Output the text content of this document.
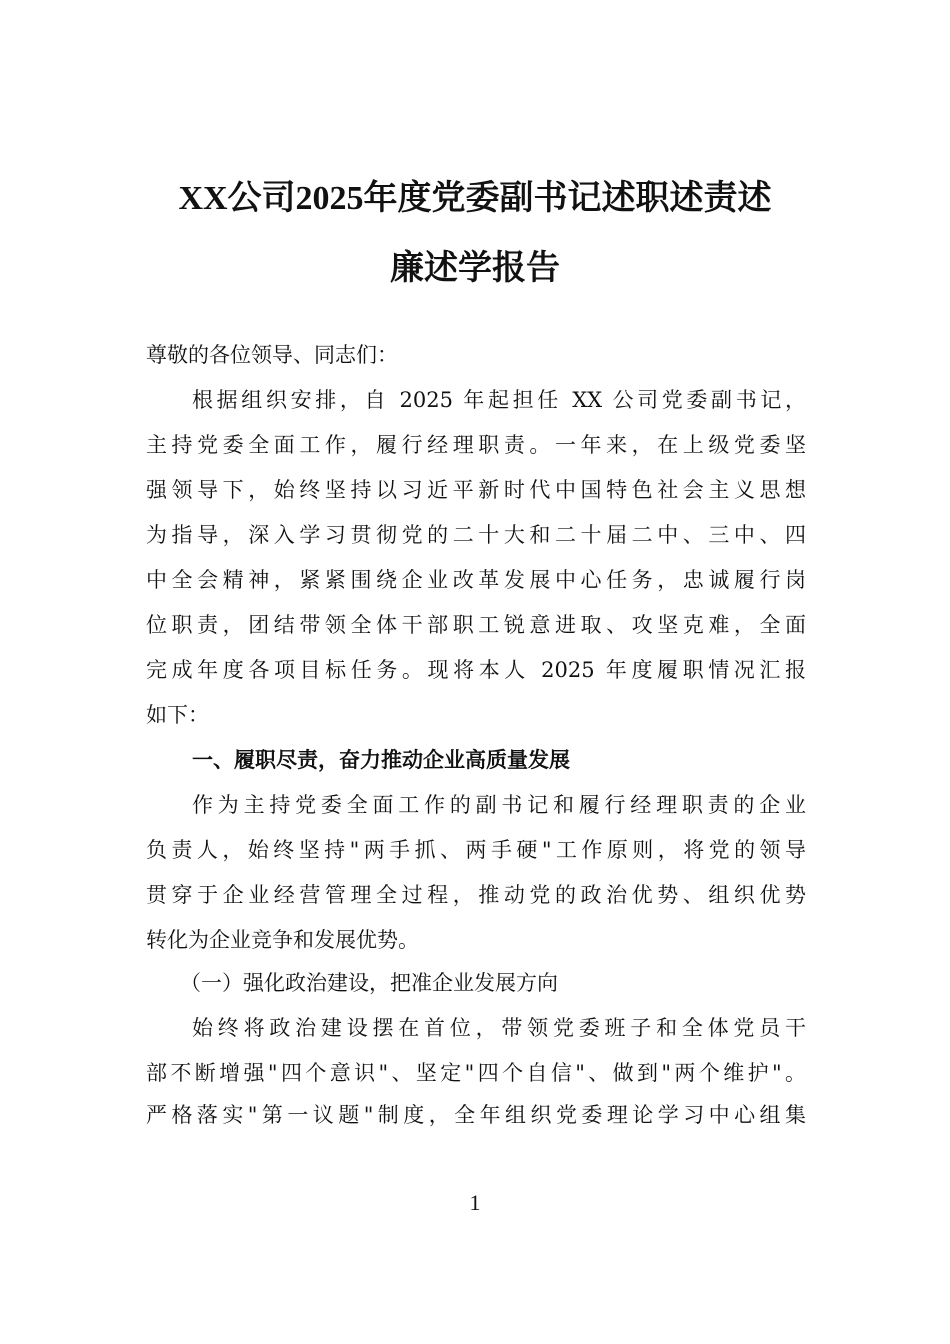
XX公司2025年度党委副书记述职述责述
廉述学报告
尊敬的各位领导、同志们：
根据组织安排，自 2025 年起担任 XX 公司党委副书记，
主持党委全面工作，履行经理职责。一年来，在上级党委坚
强领导下，始终坚持以习近平新时代中国特色社会主义思想
为指导，深入学习贯彻党的二十大和二十届二中、三中、四
中全会精神，紧紧围绕企业改革发展中心任务，忠诚履行岗
位职责，团结带领全体干部职工锐意进取、攻坚克难，全面
完成年度各项目标任务。现将本人 2025 年度履职情况汇报
如下：
一、履职尽责，奋力推动企业高质量发展
作为主持党委全面工作的副书记和履行经理职责的企业
负责人，始终坚持"两手抓、两手硬"工作原则，将党的领导
贯穿于企业经营管理全过程，推动党的政治优势、组织优势
转化为企业竞争和发展优势。
（一）强化政治建设，把准企业发展方向
始终将政治建设摆在首位，带领党委班子和全体党员干
部不断增强"四个意识"、坚定"四个自信"、做到"两个维护"。
严格落实"第一议题"制度，全年组织党委理论学习中心组集
1
